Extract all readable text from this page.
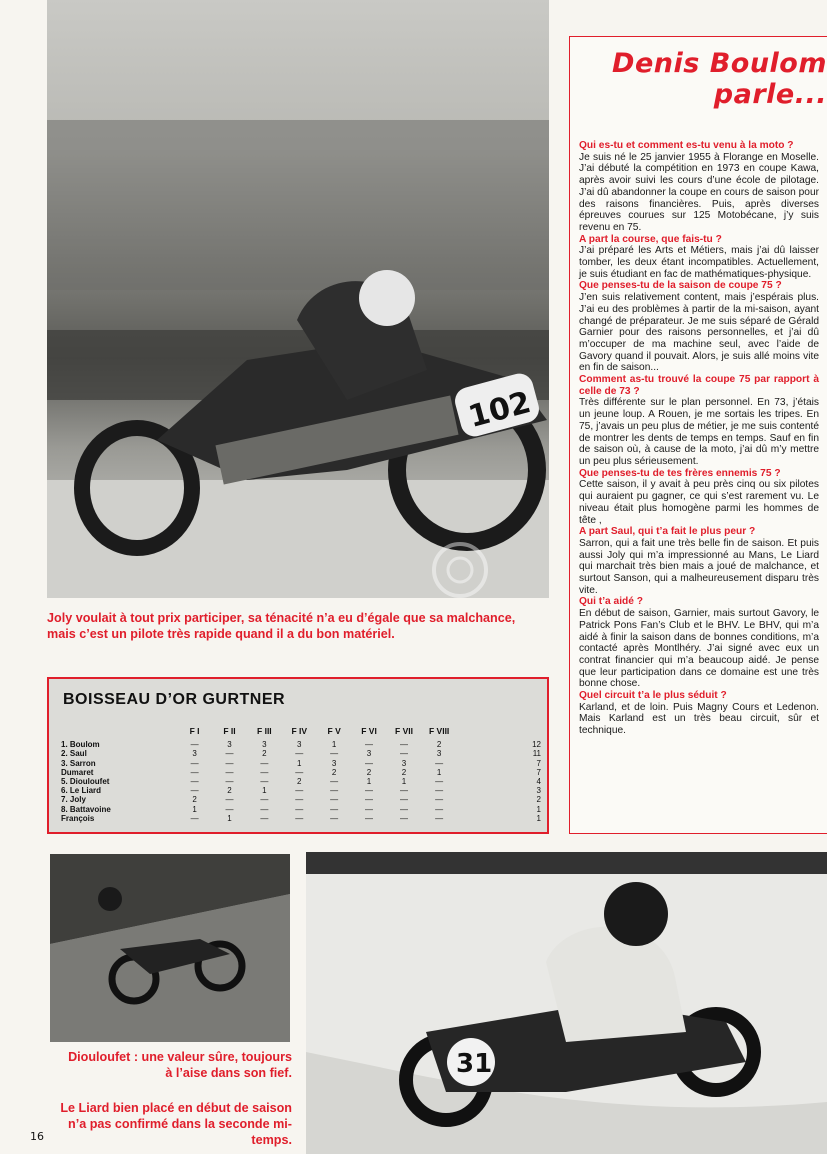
102
Joly voulait à tout prix participer, sa ténacité n’a eu d’égale que sa malchance, mais c’est un pilote très rapide quand il a du bon matériel.
BOISSEAU D’OR GURTNER
	F I	F II	F III	F IV	F V	F VI	F VII	F VIII	
1. Boulom	—	3	3	3	1	—	—	2	12
2. Saul	3	—	2	—	—	3	—	3	11
3. Sarron	—	—	—	1	3	—	3	—	7
Dumaret	—	—	—	—	2	2	2	1	7
5. Diouloufet	—	—	—	2	—	1	1	—	4
6. Le Liard	—	2	1	—	—	—	—	—	3
7. Joly	2	—	—	—	—	—	—	—	2
8. Battavoine	1	—	—	—	—	—	—	—	1
François	—	1	—	—	—	—	—	—	1
Denis Boulom
parle...
Qui es-tu et comment es-tu venu à la moto ?
Je suis né le 25 janvier 1955 à Florange en Moselle. J’ai débuté la compétition en 1973 en coupe Kawa, après avoir suivi les cours d’une école de pilotage. J’ai dû abandonner la coupe en cours de saison pour des raisons financières. Puis, après diverses épreuves courues sur 125 Motobécane, j’y suis revenu en 75.
A part la course, que fais-tu ?
J’ai préparé les Arts et Métiers, mais j’ai dû laisser tomber, les deux étant incompatibles. Actuellement, je suis étudiant en fac de mathématiques-physique.
Que penses-tu de la saison de coupe 75 ?
J’en suis relativement content, mais j’espérais plus. J’ai eu des problèmes à partir de la mi-saison, ayant changé de préparateur. Je me suis séparé de Gérald Garnier pour des raisons personnelles, et j’ai dû m’occuper de ma machine seul, avec l’aide de Gavory quand il pouvait. Alors, je suis allé moins vite en fin de saison...
Comment as-tu trouvé la coupe 75 par rapport à celle de 73 ?
Très différente sur le plan personnel. En 73, j’étais un jeune loup. A Rouen, je me sortais les tripes. En 75, j’avais un peu plus de métier, je me suis contenté de montrer les dents de temps en temps. Sauf en fin de saison où, à cause de la moto, j’ai dû m’y mettre un peu plus sérieusement.
Que penses-tu de tes frères ennemis 75 ?
Cette saison, il y avait à peu près cinq ou six pilotes qui auraient pu gagner, ce qui s’est rarement vu. Le niveau était plus homogène parmi les hommes de tête ,
A part Saul, qui t’a fait le plus peur ?
Sarron, qui a fait une très belle fin de saison. Et puis aussi Joly qui m’a impressionné au Mans, Le Liard qui marchait très bien mais a joué de malchance, et surtout Sanson, qui a malheureusement disparu très vite.
Qui t’a aidé ?
En début de saison, Garnier, mais surtout Gavory, le Patrick Pons Fan’s Club et le BHV. Le BHV, qui m’a aidé à finir la saison dans de bonnes conditions, m’a contacté après Montlhéry. J’ai signé avec eux un contrat financier qui m’a beaucoup aidé. Je pense que leur participation dans ce domaine est une très bonne chose.
Quel circuit t’a le plus séduit ?
Karland, et de loin. Puis Magny Cours et Ledenon. Mais Karland est un très beau circuit, sûr et technique.
Diouloufet : une valeur sûre, toujours à l’aise dans son fief.
Le Liard bien placé en début de saison n’a pas confirmé dans la seconde mi-temps.
31
16
